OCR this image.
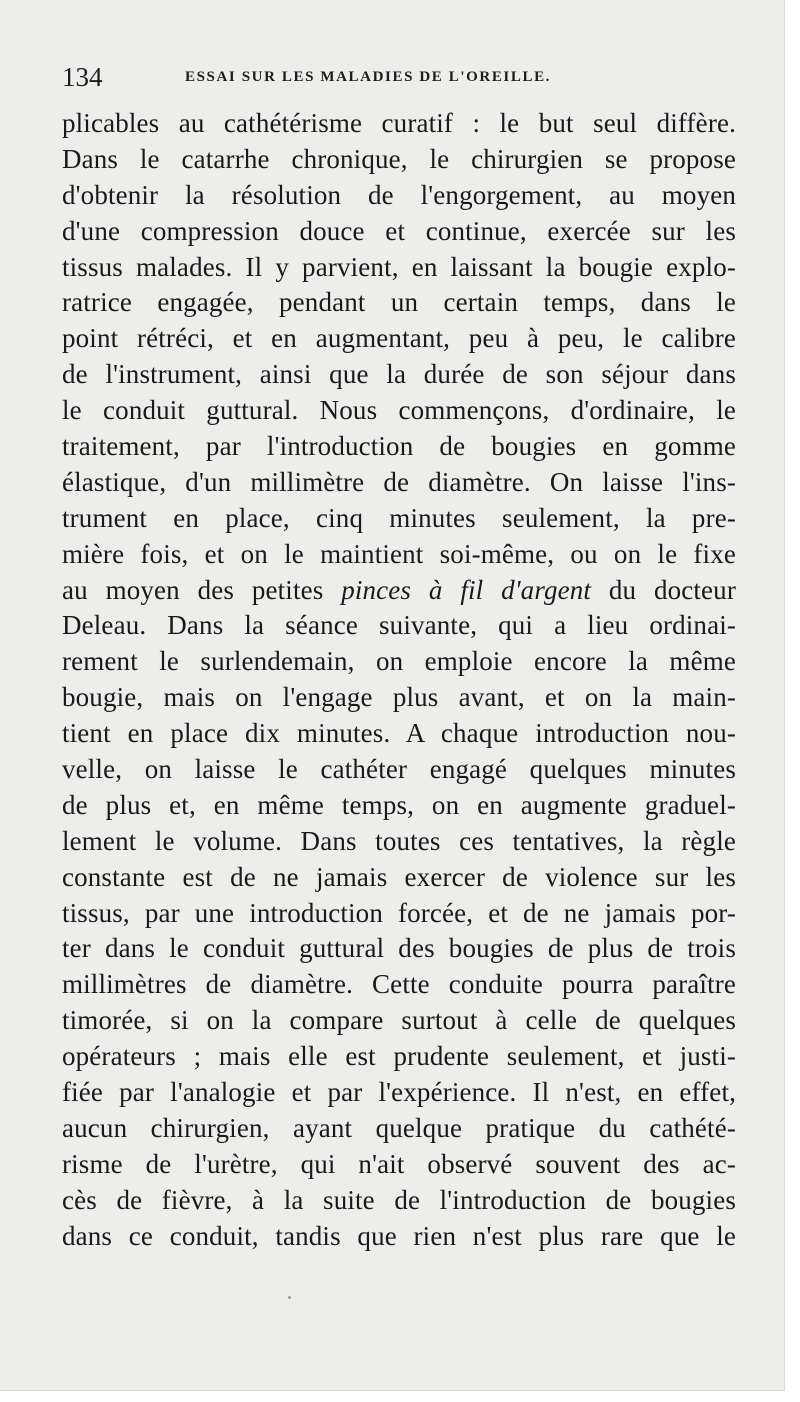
134	ESSAI SUR LES MALADIES DE L'OREILLE.
plicables au cathétérisme curatif : le but seul diffère.
Dans le catarrhe chronique, le chirurgien se propose
d'obtenir la résolution de l'engorgement, au moyen
d'une compression douce et continue, exercée sur les
tissus malades. Il y parvient, en laissant la bougie explo-
ratrice engagée, pendant un certain temps, dans le
point rétréci, et en augmentant, peu à peu, le calibre
de l'instrument, ainsi que la durée de son séjour dans
le conduit guttural. Nous commençons, d'ordinaire, le
traitement, par l'introduction de bougies en gomme
élastique, d'un millimètre de diamètre. On laisse l'ins-
trument en place, cinq minutes seulement, la pre-
mière fois, et on le maintient soi-même, ou on le fixe
au moyen des petites pinces à fil d'argent du docteur
Deleau. Dans la séance suivante, qui a lieu ordinai-
rement le surlendemain, on emploie encore la même
bougie, mais on l'engage plus avant, et on la main-
tient en place dix minutes. A chaque introduction nou-
velle, on laisse le cathéter engagé quelques minutes
de plus et, en même temps, on en augmente graduel-
lement le volume. Dans toutes ces tentatives, la règle
constante est de ne jamais exercer de violence sur les
tissus, par une introduction forcée, et de ne jamais por-
ter dans le conduit guttural des bougies de plus de trois
millimètres de diamètre. Cette conduite pourra paraître
timorée, si on la compare surtout à celle de quelques
opérateurs ; mais elle est prudente seulement, et justi-
fiée par l'analogie et par l'expérience. Il n'est, en effet,
aucun chirurgien, ayant quelque pratique du cathété-
risme de l'urètre, qui n'ait observé souvent des ac-
cès de fièvre, à la suite de l'introduction de bougies
dans ce conduit, tandis que rien n'est plus rare que le
